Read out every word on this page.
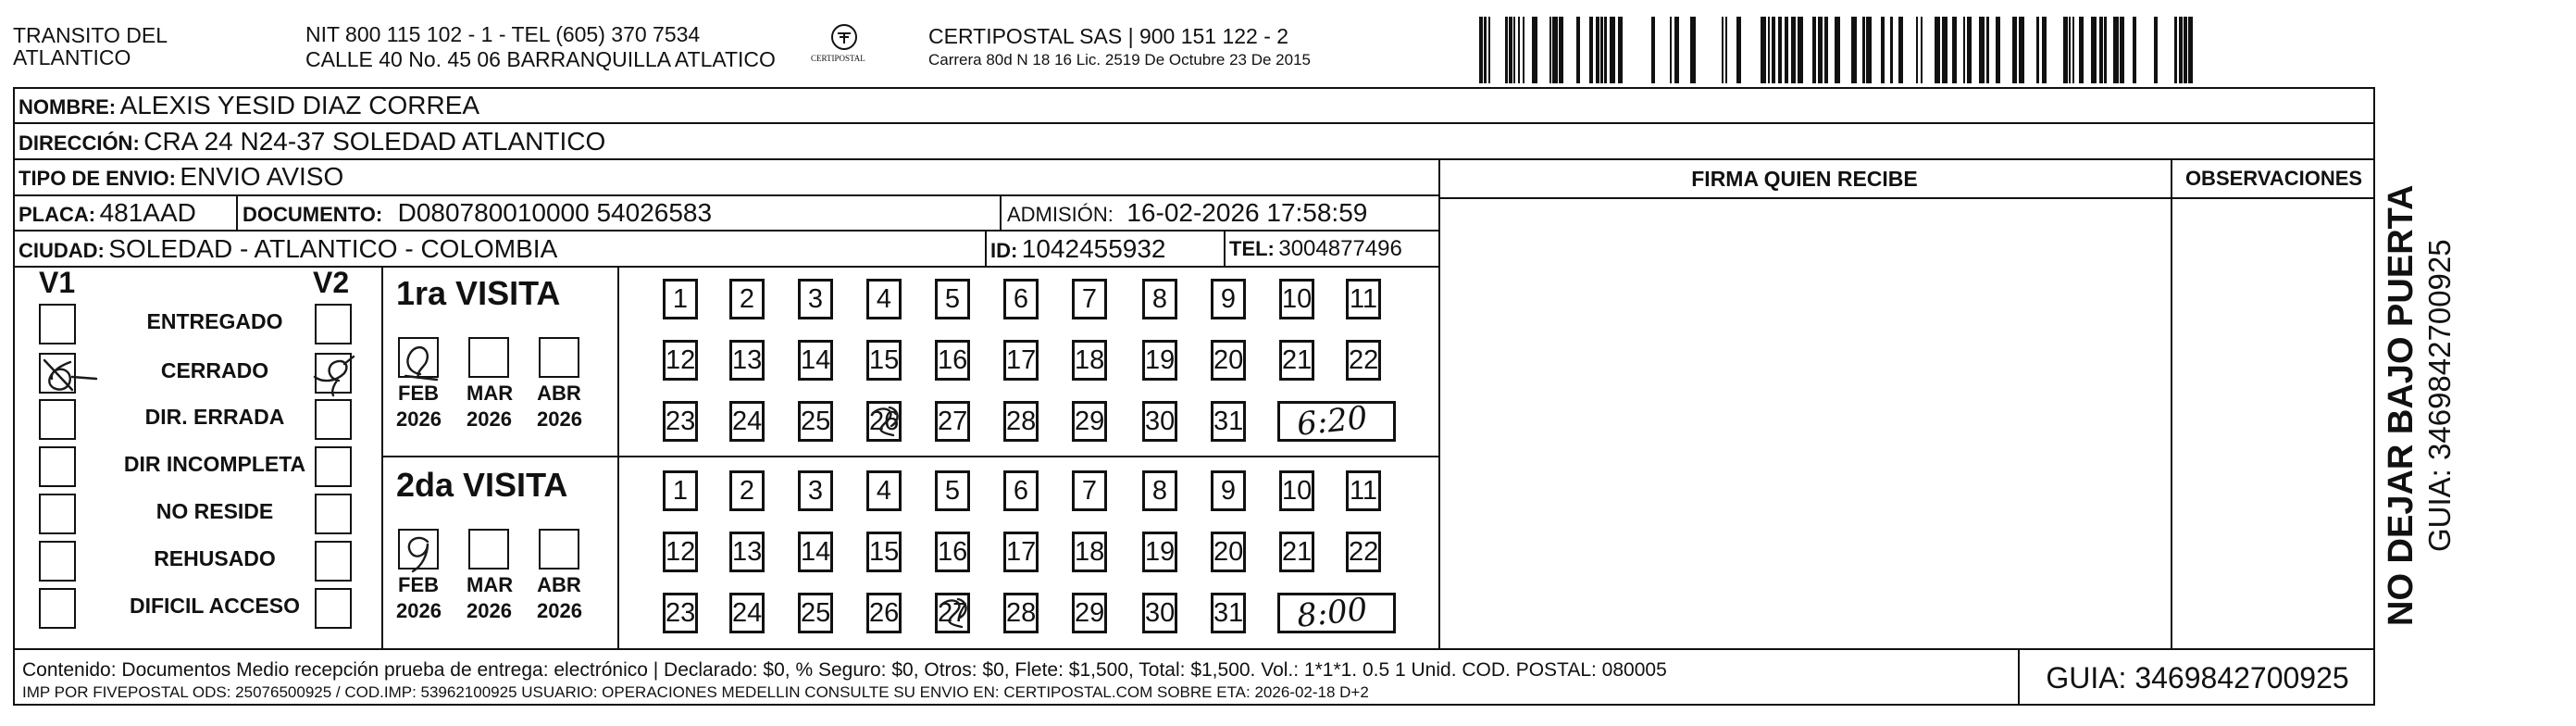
TRANSITO DEL
ATLANTICO
NIT 800 115 102 - 1 - TEL (605) 370 7534
CALLE 40 No. 45 06 BARRANQUILLA ATLATICO	CERTIPOSTAL
CERTIPOSTAL SAS | 900 151 122 - 2
Carrera 80d N 18 16 Lic. 2519 De Octubre 23 De 2015
NOMBRE: ALEXIS YESID DIAZ CORREA
DIRECCIÓN: CRA 24 N24-37 SOLEDAD ATLANTICO
TIPO DE ENVIO: ENVIO AVISO
PLACA: 481AAD DOCUMENTO: D080780010000 54026583	ADMISIÓN: 16-02-2026 17:58:59
CIUDAD: SOLEDAD - ATLANTICO - COLOMBIA	ID: 1042455932	TEL: 3004877496
FIRMA QUIEN RECIBE	OBSERVACIONES
V1	V2
ENTREGADO
CERRADO
DIR. ERRADA
DIR INCOMPLETA
NO RESIDE
REHUSADO
DIFICIL ACCESO
1ra VISITA
FEB
2026
MAR
2026
ABR
2026
1	2	3	4	5	6	7	8	9	10 11
12 13 14 15 16 17 18 19 20 21 22
23 24 25 26 27 28 29 30 31 6:20
2da VISITA
FEB
2026
MAR
2026
ABR
2026
1	2	3	4	5	6	7	8	9	10 11
12 13 14 15 16 17 18 19 20 21 22
23 24 25 26 27 28 29 30 31 8:00
Contenido: Documentos Medio recepción prueba de entrega: electrónico | Declarado: $0, % Seguro: $0, Otros: $0, Flete: $1,500, Total: $1,500. Vol.: 1*1*1. 0.5 1 Unid. COD. POSTAL: 080005
IMP POR FIVEPOSTAL ODS: 25076500925 / COD.IMP: 53962100925 USUARIO: OPERACIONES MEDELLIN CONSULTE SU ENVIO EN: CERTIPOSTAL.COM SOBRE ETA: 2026-02-18 D+2	GUIA: 3469842700925
NO DEJAR BAJO PUERTA GUIA: 3469842700925
